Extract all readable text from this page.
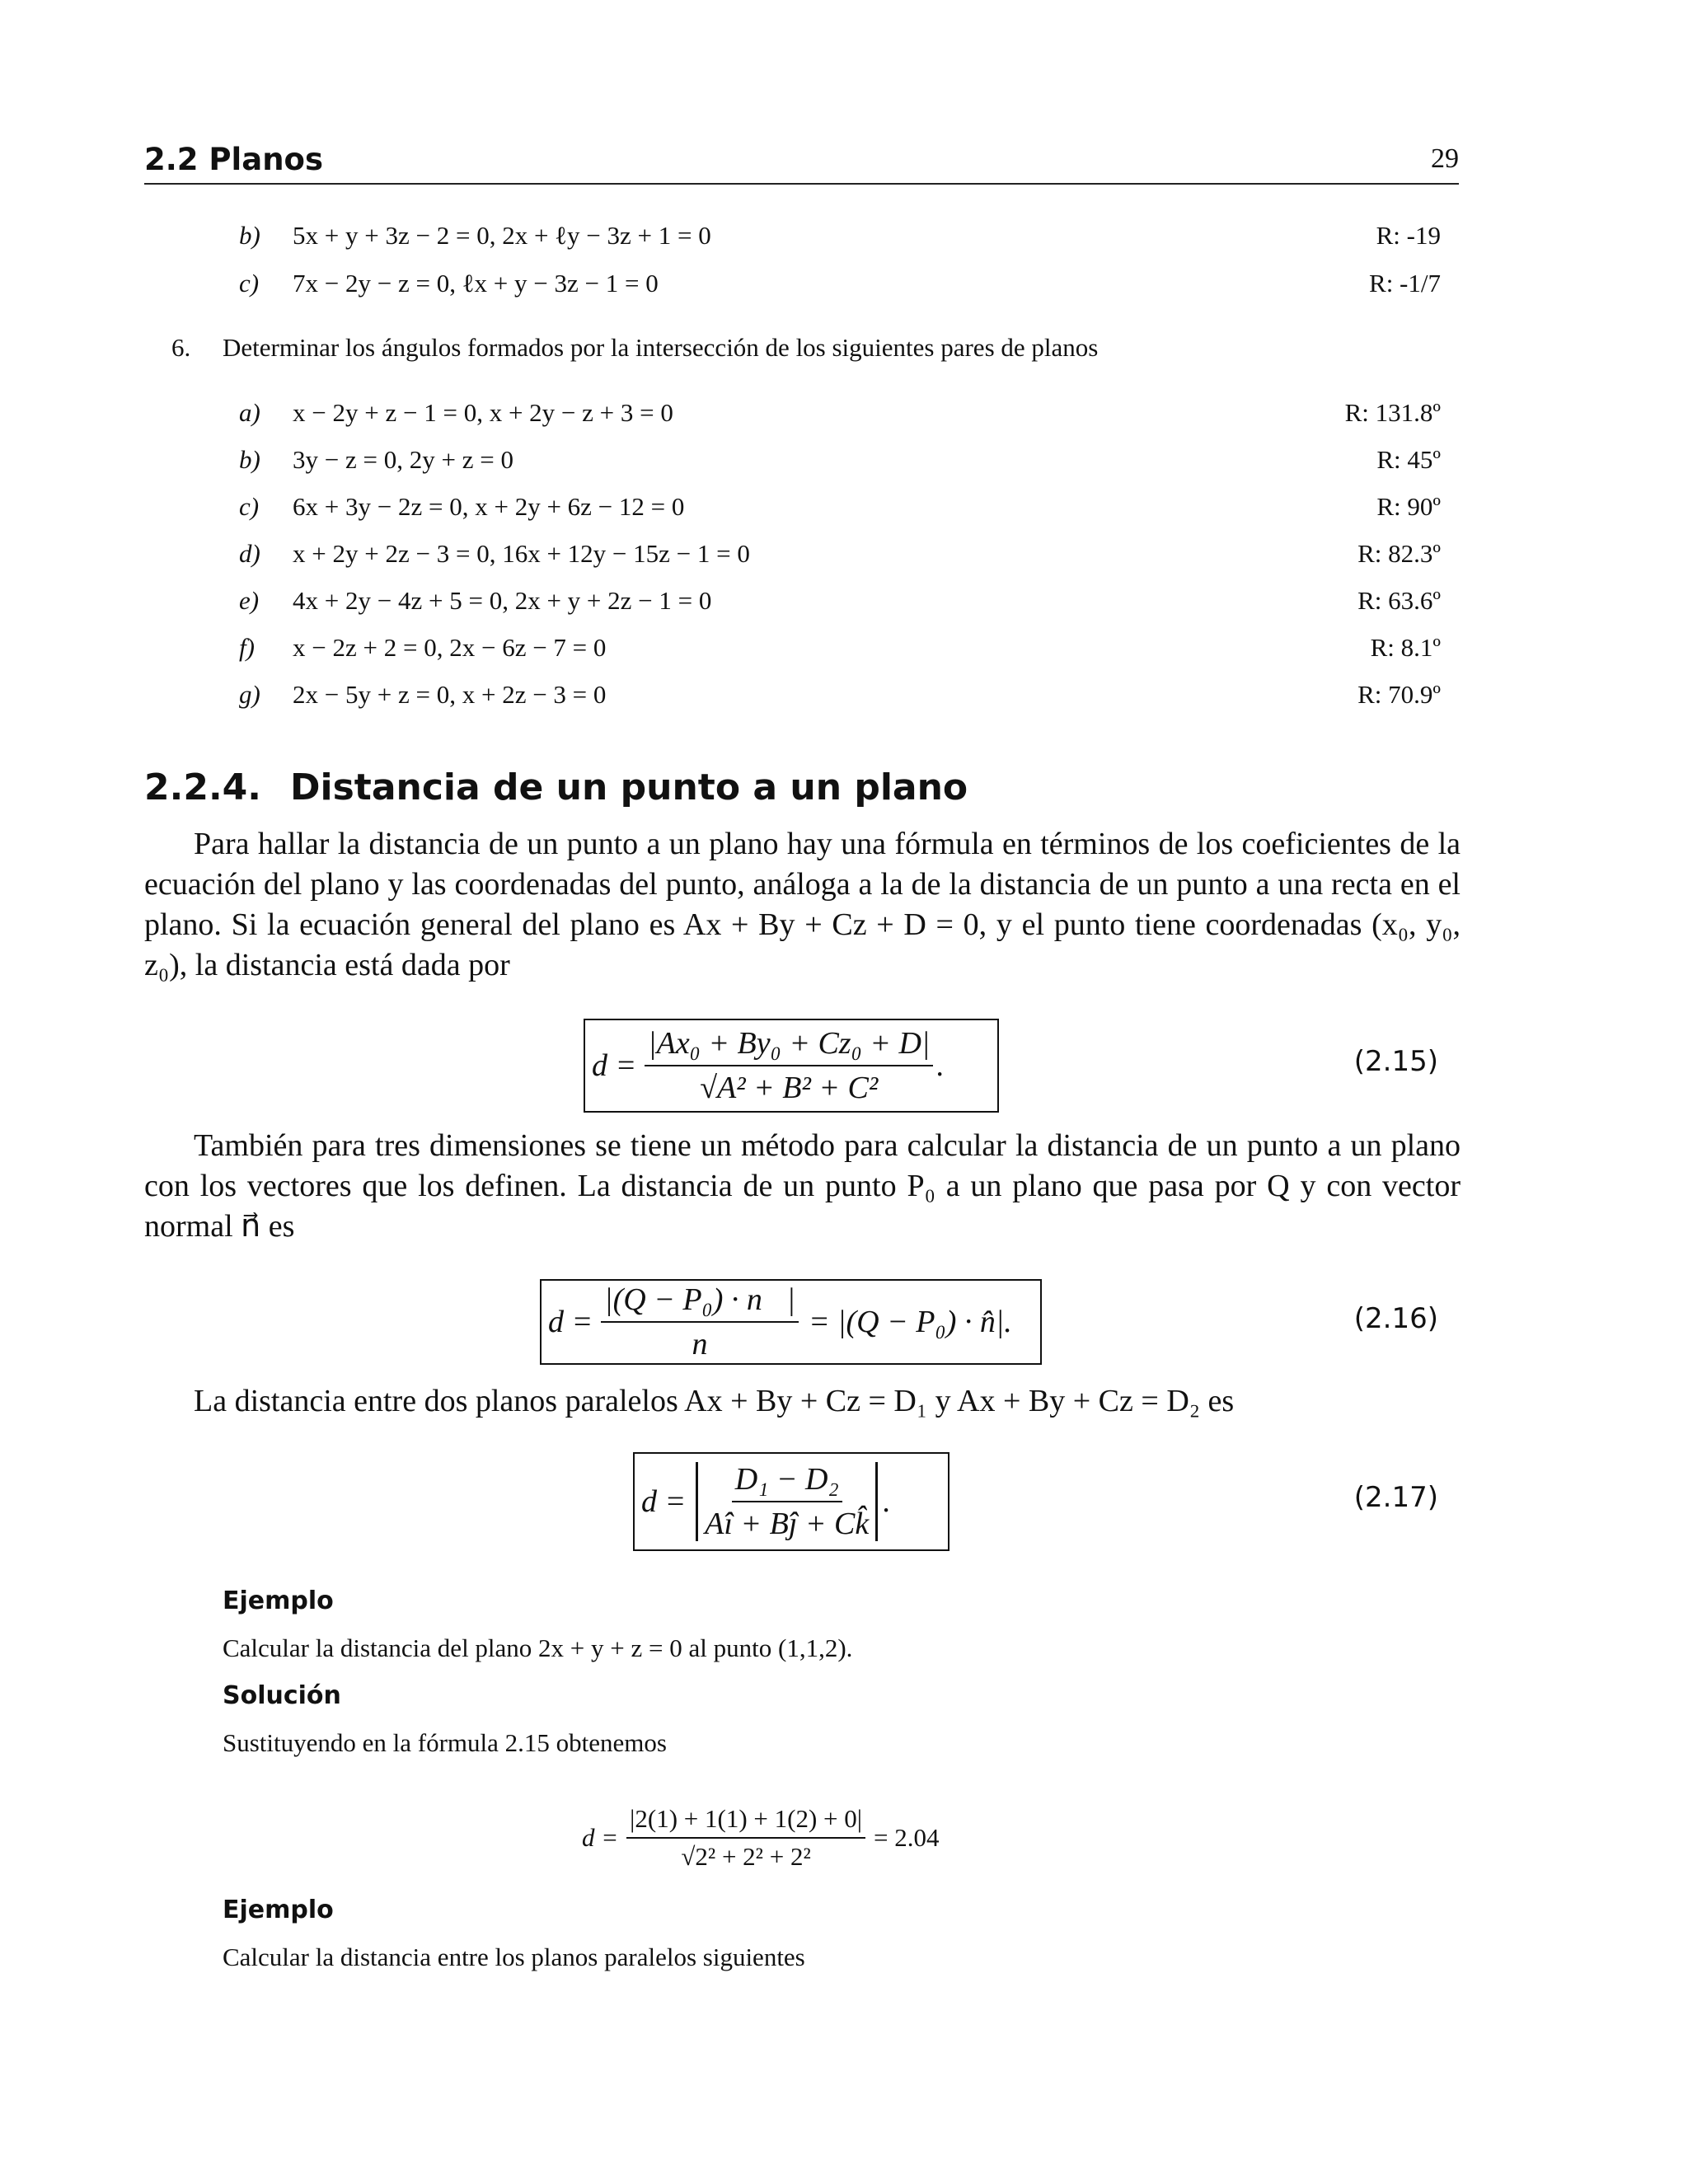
2.2 Planos	29
b) 5x + y + 3z − 2 = 0, 2x + ℓy − 3z + 1 = 0	R: -19
c) 7x − 2y − z = 0, ℓx + y − 3z − 1 = 0	R: -1/7
6. Determinar los ángulos formados por la intersección de los siguientes pares de planos
a) x − 2y + z − 1 = 0, x + 2y − z + 3 = 0	R: 131.8º
b) 3y − z = 0, 2y + z = 0	R: 45º
c) 6x + 3y − 2z = 0, x + 2y + 6z − 12 = 0	R: 90º
d) x + 2y + 2z − 3 = 0, 16x + 12y − 15z − 1 = 0	R: 82.3º
e) 4x + 2y − 4z + 5 = 0, 2x + y + 2z − 1 = 0	R: 63.6º
f) x − 2z + 2 = 0, 2x − 6z − 7 = 0	R: 8.1º
g) 2x − 5y + z = 0, x + 2z − 3 = 0	R: 70.9º
2.2.4. Distancia de un punto a un plano
Para hallar la distancia de un punto a un plano hay una fórmula en términos de los coeficientes de la ecuación del plano y las coordenadas del punto, análoga a la de la distancia de un punto a una recta en el plano. Si la ecuación general del plano es Ax + By + Cz + D = 0, y el punto tiene coordenadas (x₀, y₀, z₀), la distancia está dada por
$d = \frac{\text{|Ax₀ + By₀ + Cz₀ + D|}}{\text{√A² + B² + C²}}$ .	(2.15)
También para tres dimensiones se tiene un método para calcular la distancia de un punto a un plano con los vectores que los definen. La distancia de un punto P₀ a un plano que pasa por Q y con vector normal n⃗ es
$d = \frac{\text{|(Q − P₀) · n⃗|}}{n} = |(Q - P_0)$ · n̂|.	(2.16)
La distancia entre dos planos paralelos Ax + By + Cz = D₁ y Ax + By + Cz = D₂ es
$d = \frac{\text{D₁ − D₂}}{Aî + Bĵ + Ck̂}$ .	(2.17)
Ejemplo
Calcular la distancia del plano 2x + y + z = 0 al punto (1,1,2).
Solución
Sustituyendo en la fórmula 2.15 obtenemos
$d = \frac{|2(1) + 1(1) + 1(2) + 0|}{\text{√2² + 2² + 2²}} = 2.04$
Ejemplo
Calcular la distancia entre los planos paralelos siguientes
